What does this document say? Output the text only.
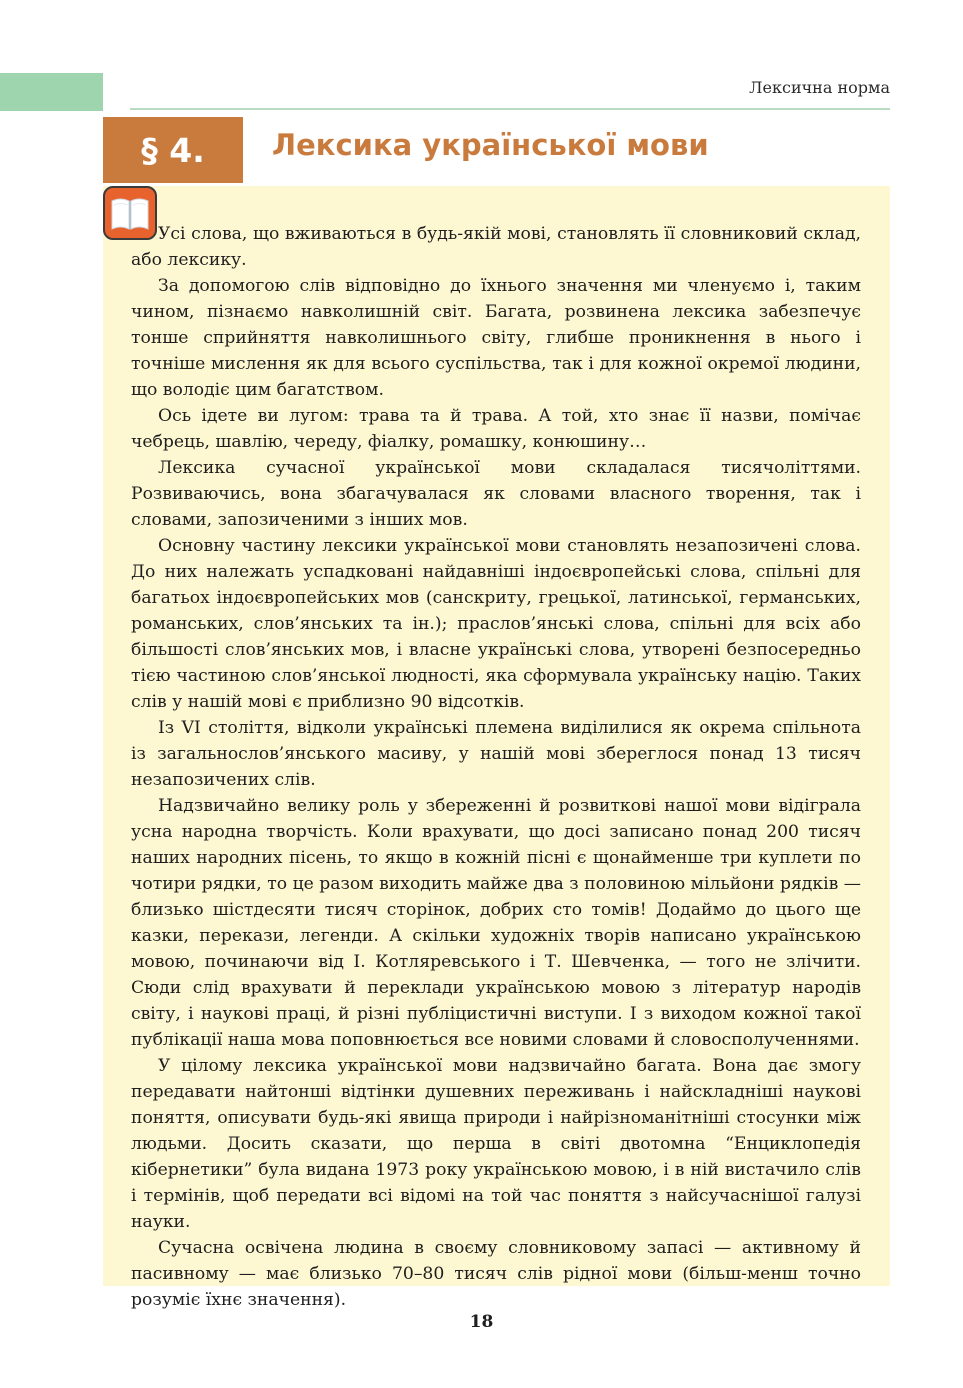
Лексична норма
§ 4.	Лексика української мови

Усі слова, що вживаються в будь-якій мові, становлять її словниковий склад, або лексику.

За допомогою слів відповідно до їхнього значення ми членуємо і, таким чином, пізнаємо навколишній світ. Багата, розвинена лексика забезпечує тонше сприйняття навколишнього світу, глибше проникнення в нього і точніше мислення як для всього суспільства, так і для кожної окремої людини, що володіє цим багатством.

Ось ідете ви лугом: трава та й трава. А той, хто знає її назви, помічає чебрець, шавлію, череду, фіалку, ромашку, конюшину…

Лексика сучасної української мови складалася тисячоліттями. Розвиваючись, вона збагачувалася як словами власного творення, так і словами, запозиченими з інших мов.

Основну частину лексики української мови становлять незапозичені слова. До них належать успадковані найдавніші індоєвропейські слова, спільні для багатьох індоєвропейських мов (санскриту, грецької, латинської, германських, романських, слов’янських та ін.); праслов’янські слова, спільні для всіх або більшості слов’янських мов, і власне українські слова, утворені безпосередньо тією частиною слов’янської людності, яка сформувала українську націю. Таких слів у нашій мові є приблизно 90 відсотків.

Із VI століття, відколи українські племена виділилися як окрема спільнота із загальнослов’янського масиву, у нашій мові збереглося понад 13 тисяч незапозичених слів.

Надзвичайно велику роль у збереженні й розвиткові нашої мови відіграла усна народна творчість. Коли врахувати, що досі записано понад 200 тисяч наших народних пісень, то якщо в кожній пісні є щонайменше три куплети по чотири рядки, то це разом виходить майже два з половиною мільйони рядків — близько шістдесяти тисяч сторінок, добрих сто томів! Додаймо до цього ще казки, перекази, легенди. А скільки художніх творів написано українською мовою, починаючи від І. Котляревського і Т. Шевченка, — того не злічити. Сюди слід врахувати й переклади українською мовою з літератур народів світу, і наукові праці, й різні публіцистичні виступи. І з виходом кожної такої публікації наша мова поповнюється все новими словами й словосполученнями.

У цілому лексика української мови надзвичайно багата. Вона дає змогу передавати найтонші відтінки душевних переживань і найскладніші наукові поняття, описувати будь-які явища природи і найрізноманітніші стосунки між людьми. Досить сказати, що перша в світі двотомна “Енциклопедія кібернетики” була видана 1973 року українською мовою, і в ній вистачило слів і термінів, щоб передати всі відомі на той час поняття з найсучаснішої галузі науки.

Сучасна освічена людина в своєму словниковому запасі — активному й пасивному — має близько 70–80 тисяч слів рідної мови (більш-менш точно розуміє їхнє значення).

18
